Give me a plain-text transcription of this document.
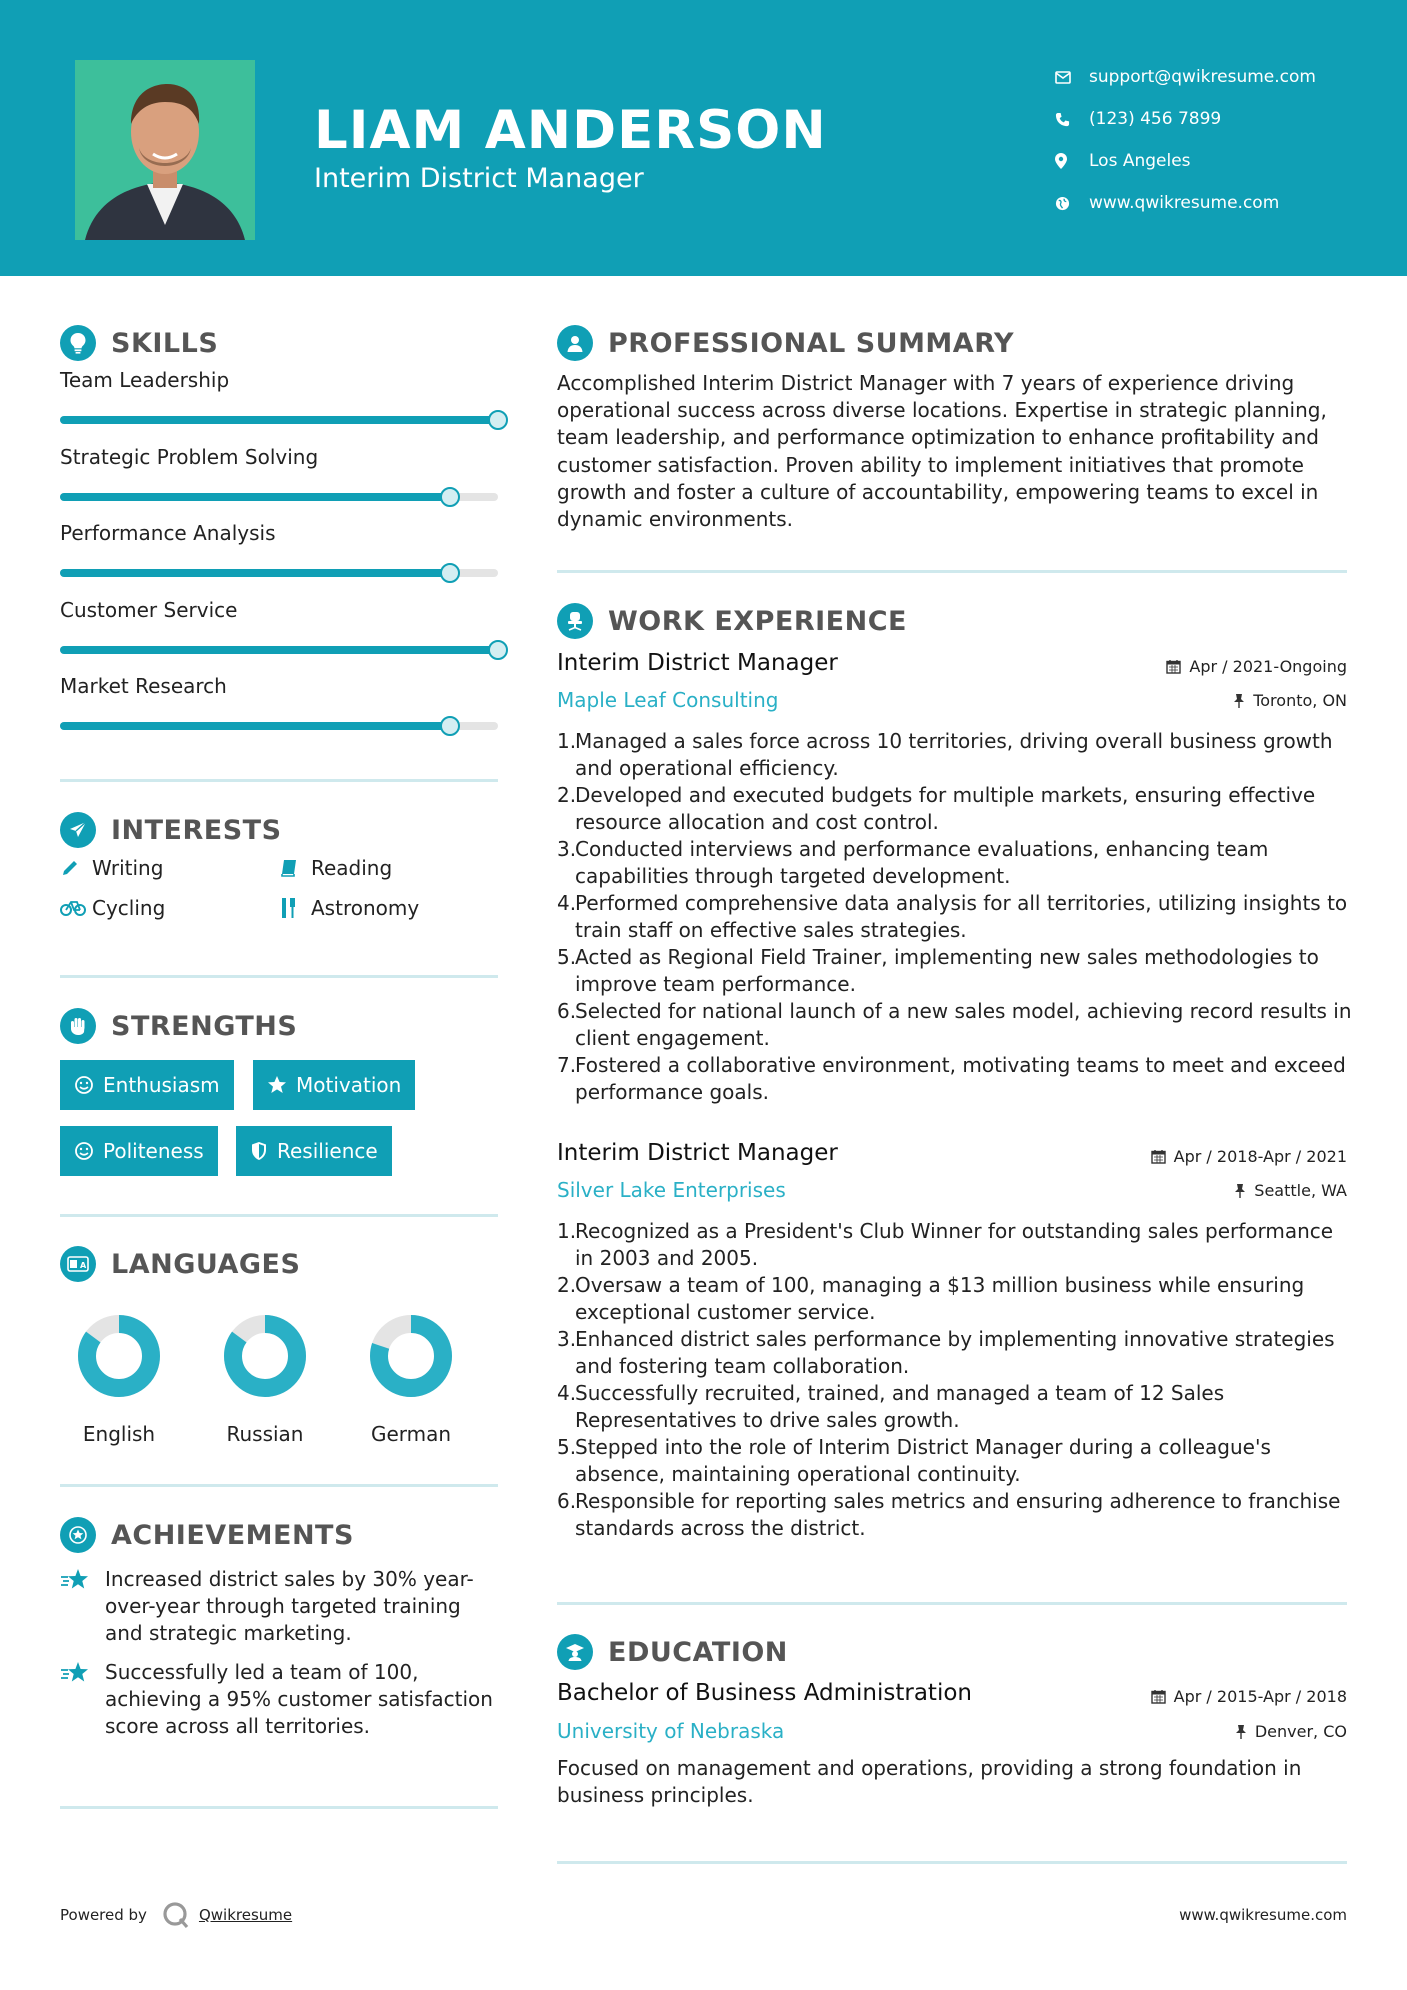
LIAM ANDERSON
Interim District Manager
support@qwikresume.com
(123) 456 7899
Los Angeles
www.qwikresume.com
SKILLS
Team Leadership
Strategic Problem Solving
Performance Analysis
Customer Service
Market Research
INTERESTS
Writing	Reading
Cycling	Astronomy
STRENGTHS
Enthusiasm	Motivation
Politeness	Resilience
A LANGUAGES
English	Russian	German
ACHIEVEMENTS
Increased district sales by 30% year-over-year through targeted training and strategic marketing.
Successfully led a team of 100, achieving a 95% customer satisfaction score across all territories.
PROFESSIONAL SUMMARY
Accomplished Interim District Manager with 7 years of experience driving operational success across diverse locations. Expertise in strategic planning, team leadership, and performance optimization to enhance profitability and customer satisfaction. Proven ability to implement initiatives that promote growth and foster a culture of accountability, empowering teams to excel in dynamic environments.
WORK EXPERIENCE
Interim District Manager	Apr / 2021-Ongoing
Maple Leaf Consulting	Toronto, ON
1.
Managed a sales force across 10 territories, driving overall business growth and operational efficiency.
2.
Developed and executed budgets for multiple markets, ensuring effective resource allocation and cost control.
3.
Conducted interviews and performance evaluations, enhancing team capabilities through targeted development.
4.
Performed comprehensive data analysis for all territories, utilizing insights to train staff on effective sales strategies.
5.
Acted as Regional Field Trainer, implementing new sales methodologies to improve team performance.
6.
Selected for national launch of a new sales model, achieving record results in client engagement.
7.
Fostered a collaborative environment, motivating teams to meet and exceed performance goals.
Interim District Manager	Apr / 2018-Apr / 2021
Silver Lake Enterprises	Seattle, WA
1.
Recognized as a President's Club Winner for outstanding sales performance in 2003 and 2005.
2.
Oversaw a team of 100, managing a $13 million business while ensuring exceptional customer service.
3.
Enhanced district sales performance by implementing innovative strategies and fostering team collaboration.
4.
Successfully recruited, trained, and managed a team of 12 Sales Representatives to drive sales growth.
5.
Stepped into the role of Interim District Manager during a colleague's absence, maintaining operational continuity.
6.
Responsible for reporting sales metrics and ensuring adherence to franchise standards across the district.
EDUCATION
Bachelor of Business Administration	Apr / 2015-Apr / 2018
University of Nebraska	Denver, CO
Focused on management and operations, providing a strong foundation in business principles.
Powered by	Qwikresume	www.qwikresume.com
